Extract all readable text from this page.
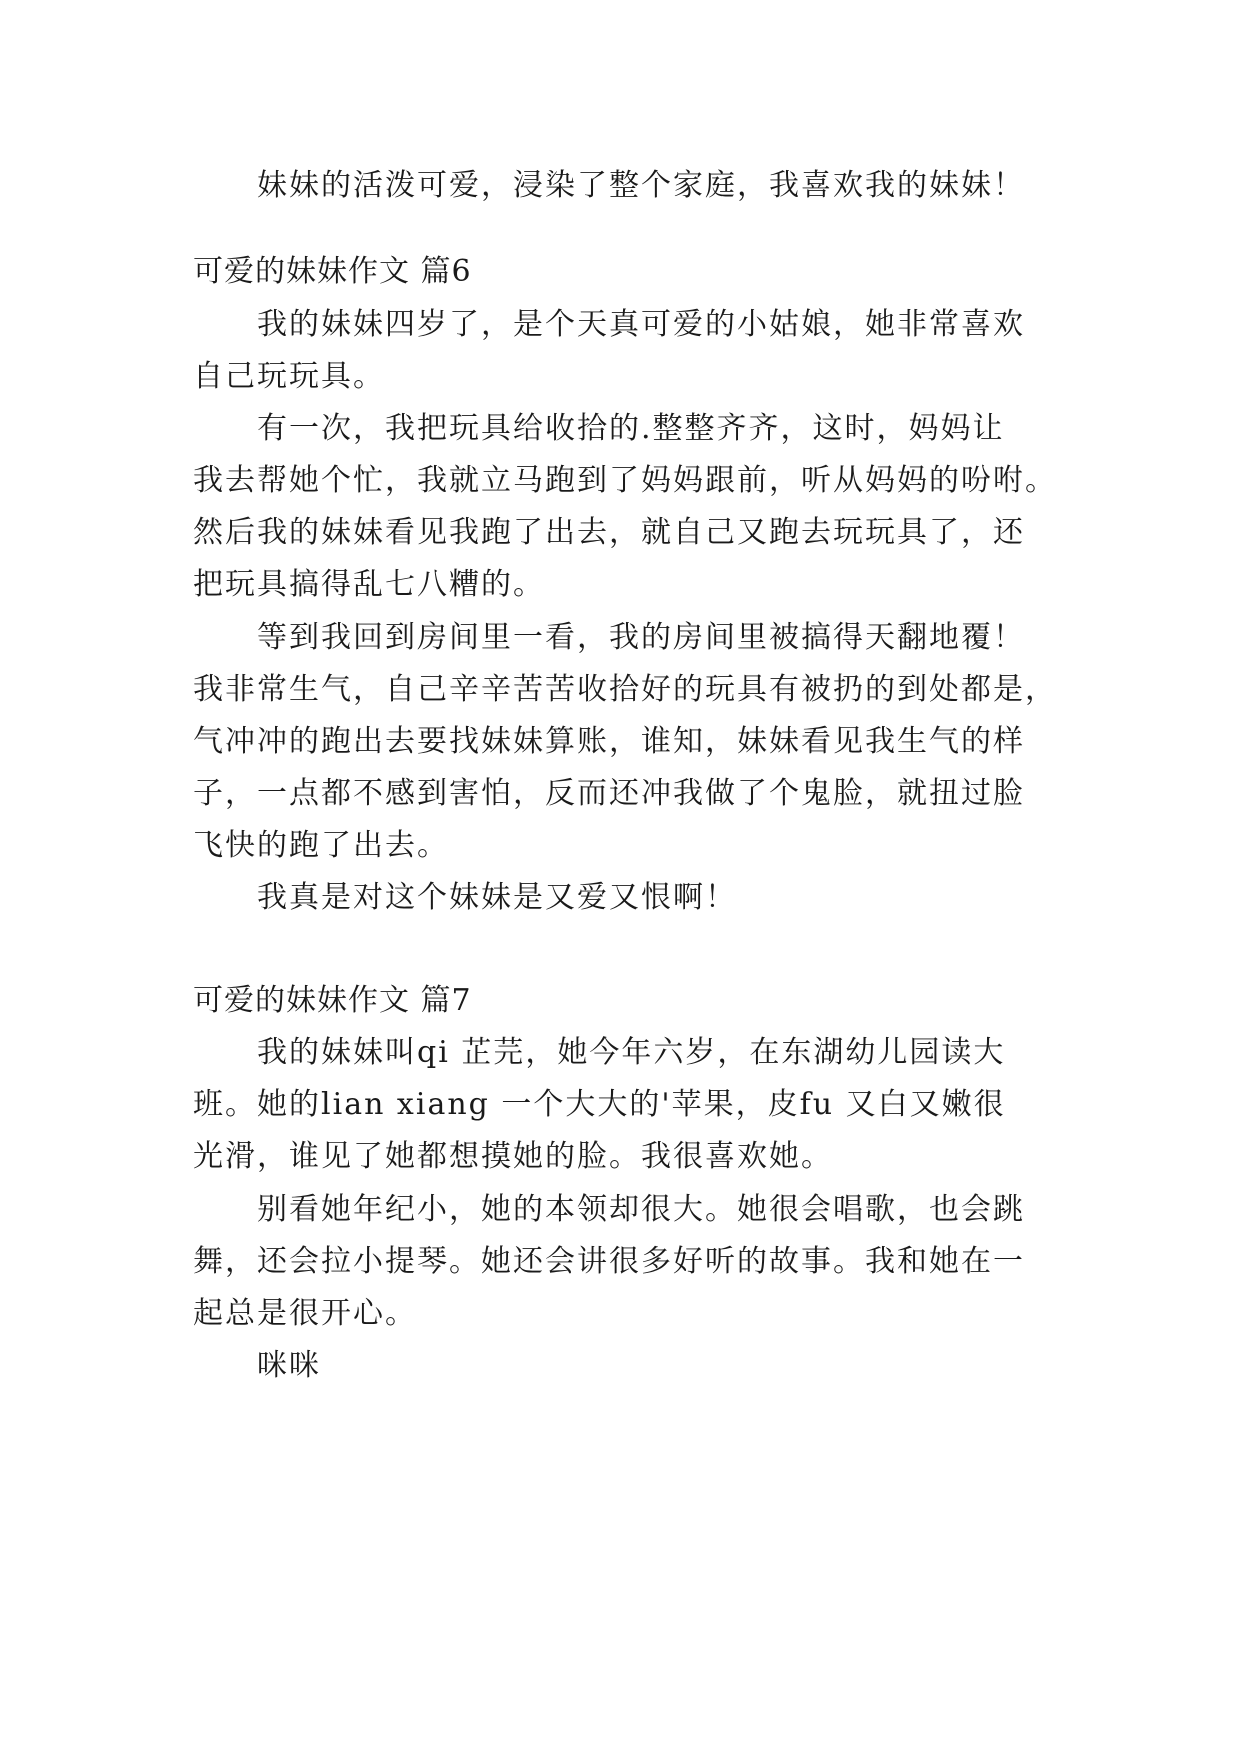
妹妹的活泼可爱，浸染了整个家庭，我喜欢我的妹妹！
可爱的妹妹作文 篇6
我的妹妹四岁了，是个天真可爱的小姑娘，她非常喜欢
自己玩玩具。
有一次，我把玩具给收拾的.整整齐齐，这时，妈妈让
我去帮她个忙，我就立马跑到了妈妈跟前，听从妈妈的吩咐。
然后我的妹妹看见我跑了出去，就自己又跑去玩玩具了，还
把玩具搞得乱七八糟的。
等到我回到房间里一看，我的房间里被搞得天翻地覆！
我非常生气，自己辛辛苦苦收拾好的玩具有被扔的到处都是，
气冲冲的跑出去要找妹妹算账，谁知，妹妹看见我生气的样
子，一点都不感到害怕，反而还冲我做了个鬼脸，就扭过脸
飞快的跑了出去。
我真是对这个妹妹是又爱又恨啊！
可爱的妹妹作文 篇7
我的妹妹叫qi 芷芫，她今年六岁，在东湖幼儿园读大
班。她的lian xiang 一个大大的'苹果，皮fu 又白又嫩很
光滑，谁见了她都想摸她的脸。我很喜欢她。
别看她年纪小，她的本领却很大。她很会唱歌，也会跳
舞，还会拉小提琴。她还会讲很多好听的故事。我和她在一
起总是很开心。
咪咪
